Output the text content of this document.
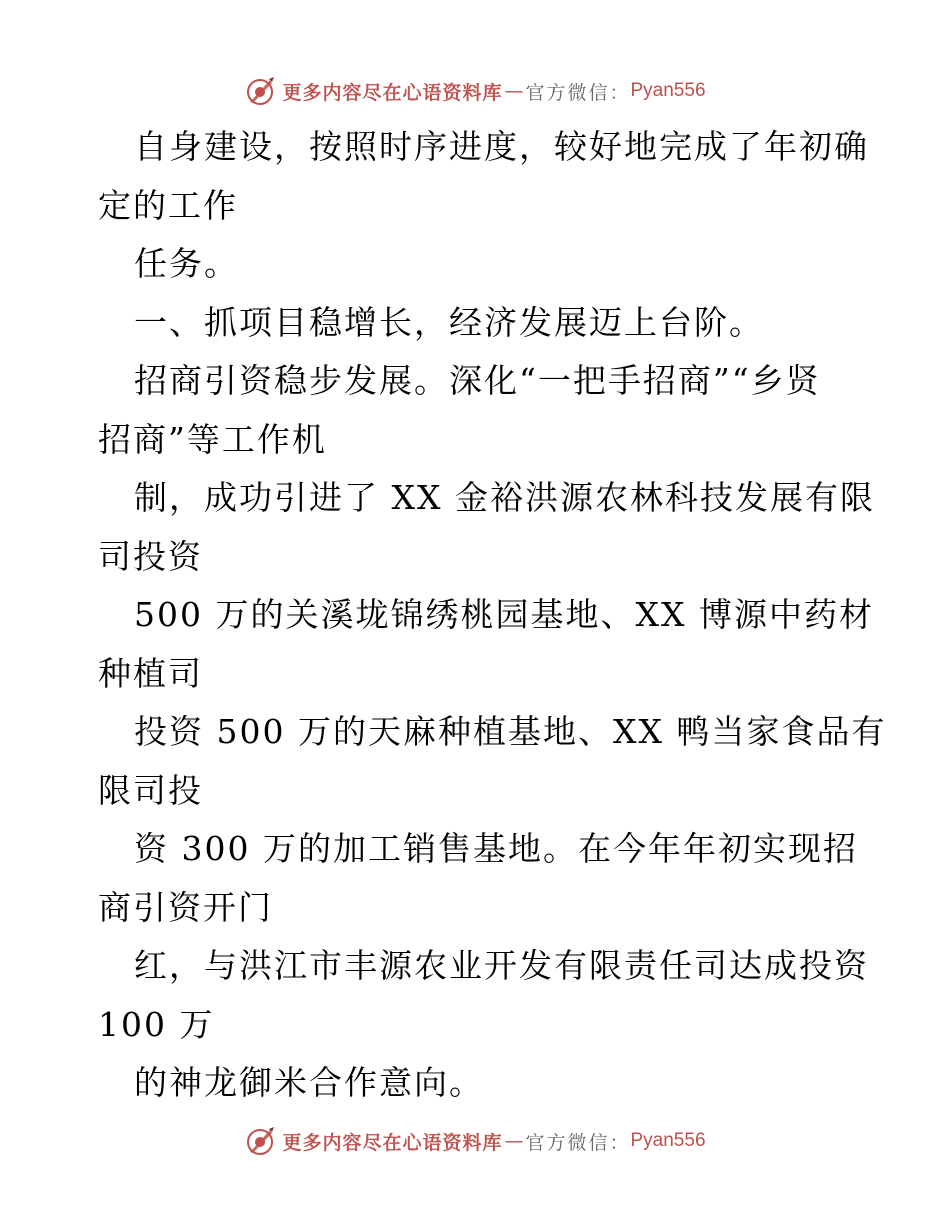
更多内容尽在心语资料库 — 官方微信： Pyan556
自身建设，按照时序进度，较好地完成了年初确
定的工作
任务。
一、抓项目稳增长，经济发展迈上台阶。
招商引资稳步发展。深化“一把手招商”“乡贤
招商”等工作机
制，成功引进了 XX 金裕洪源农林科技发展有限
司投资
500 万的关溪垅锦绣桃园基地、XX 博源中药材
种植司
投资 500 万的天麻种植基地、XX 鸭当家食品有
限司投
资 300 万的加工销售基地。在今年年初实现招
商引资开门
红，与洪江市丰源农业开发有限责任司达成投资
100 万
的神龙御米合作意向。
更多内容尽在心语资料库 — 官方微信： Pyan556
